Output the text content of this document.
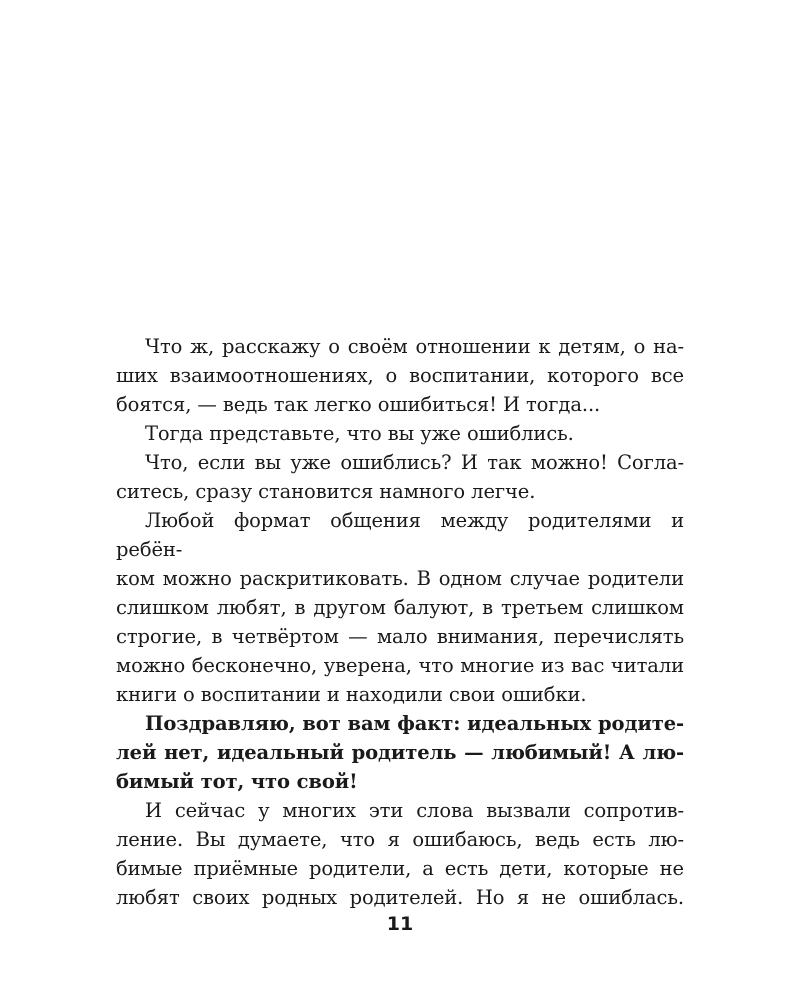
Что ж, расскажу о своём отношении к детям, о на-
ших взаимоотношениях, о воспитании, которого все
боятся, — ведь так легко ошибиться! И тогда...

Тогда представьте, что вы уже ошиблись.

Что, если вы уже ошиблись? И так можно! Согла-
ситесь, сразу становится намного легче.

Любой формат общения между родителями и ребён-
ком можно раскритиковать. В одном случае родители
слишком любят, в другом балуют, в третьем слишком
строгие, в четвёртом — мало внимания, перечислять
можно бесконечно, уверена, что многие из вас читали
книги о воспитании и находили свои ошибки.

Поздравляю, вот вам факт: идеальных родите-
лей нет, идеальный родитель — любимый! А лю-
бимый тот, что свой!

И сейчас у многих эти слова вызвали сопротив-
ление. Вы думаете, что я ошибаюсь, ведь есть лю-
бимые приёмные родители, а есть дети, которые не
любят своих родных родителей. Но я не ошиблась.

11
